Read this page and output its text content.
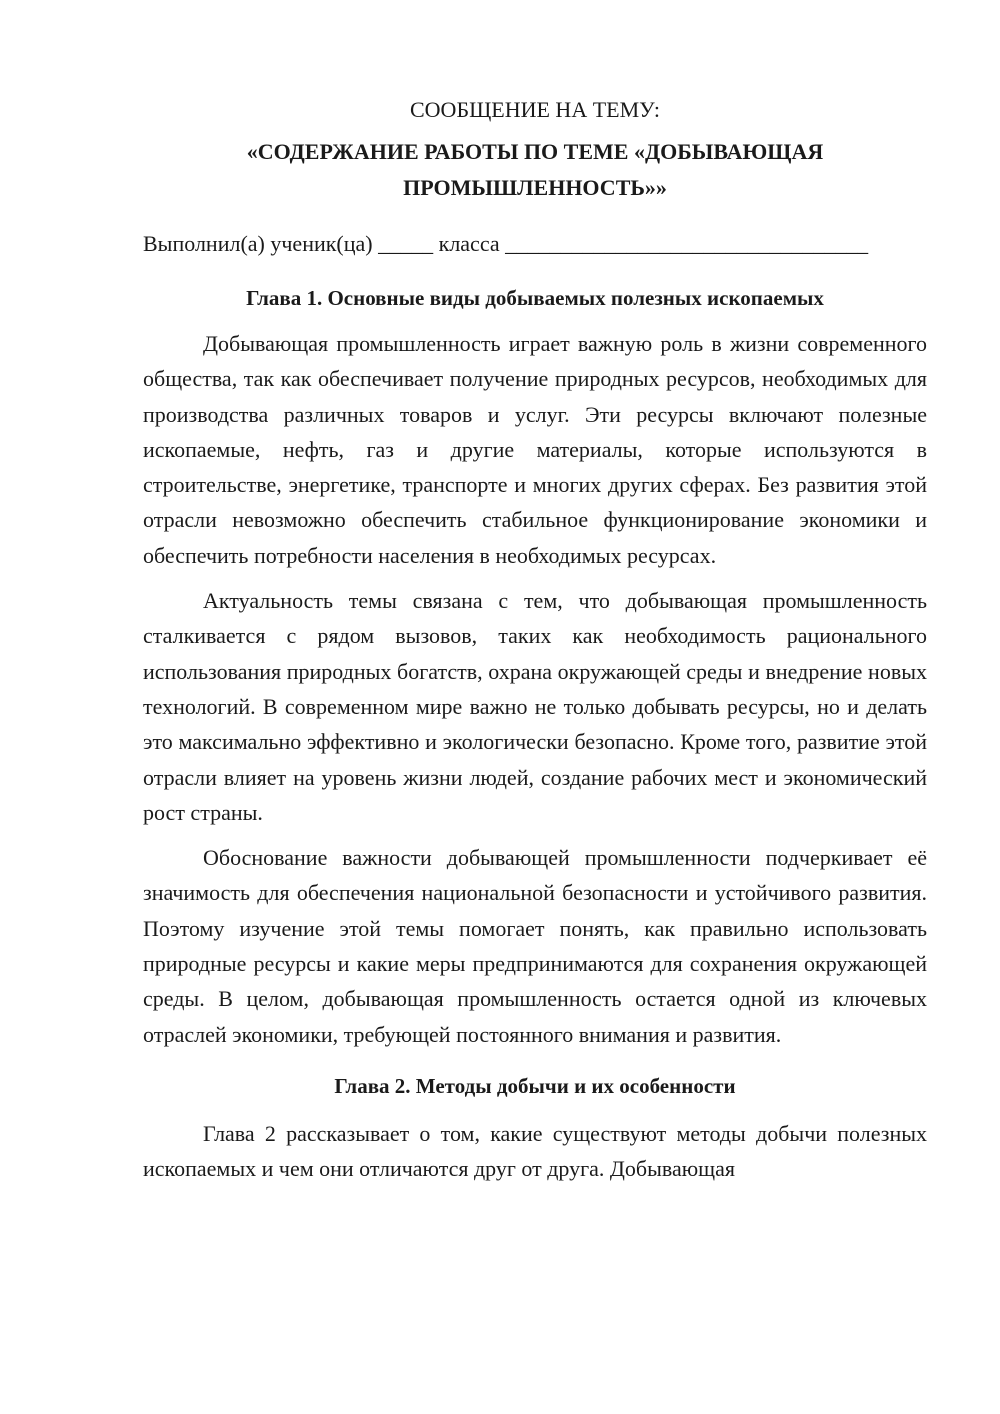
СООБЩЕНИЕ НА ТЕМУ:

«СОДЕРЖАНИЕ РАБОТЫ ПО ТЕМЕ «ДОБЫВАЮЩАЯ

ПРОМЫШЛЕННОСТЬ»»

Выполнил(а) ученик(ца) _____ класса _________________________________

Глава 1. Основные виды добываемых полезных ископаемых

Добывающая промышленность играет важную роль в жизни современного общества, так как обеспечивает получение природных ресурсов, необходимых для производства различных товаров и услуг. Эти ресурсы включают полезные ископаемые, нефть, газ и другие материалы, которые используются в строительстве, энергетике, транспорте и многих других сферах. Без развития этой отрасли невозможно обеспечить стабильное функционирование экономики и обеспечить потребности населения в необходимых ресурсах.

Актуальность темы связана с тем, что добывающая промышленность сталкивается с рядом вызовов, таких как необходимость рационального использования природных богатств, охрана окружающей среды и внедрение новых технологий. В современном мире важно не только добывать ресурсы, но и делать это максимально эффективно и экологически безопасно. Кроме того, развитие этой отрасли влияет на уровень жизни людей, создание рабочих мест и экономический рост страны.

Обоснование важности добывающей промышленности подчеркивает её значимость для обеспечения национальной безопасности и устойчивого развития. Поэтому изучение этой темы помогает понять, как правильно использовать природные ресурсы и какие меры предпринимаются для сохранения окружающей среды. В целом, добывающая промышленность остается одной из ключевых отраслей экономики, требующей постоянного внимания и развития.

Глава 2. Методы добычи и их особенности

Глава 2 рассказывает о том, какие существуют методы добычи полезных ископаемых и чем они отличаются друг от друга. Добывающая
